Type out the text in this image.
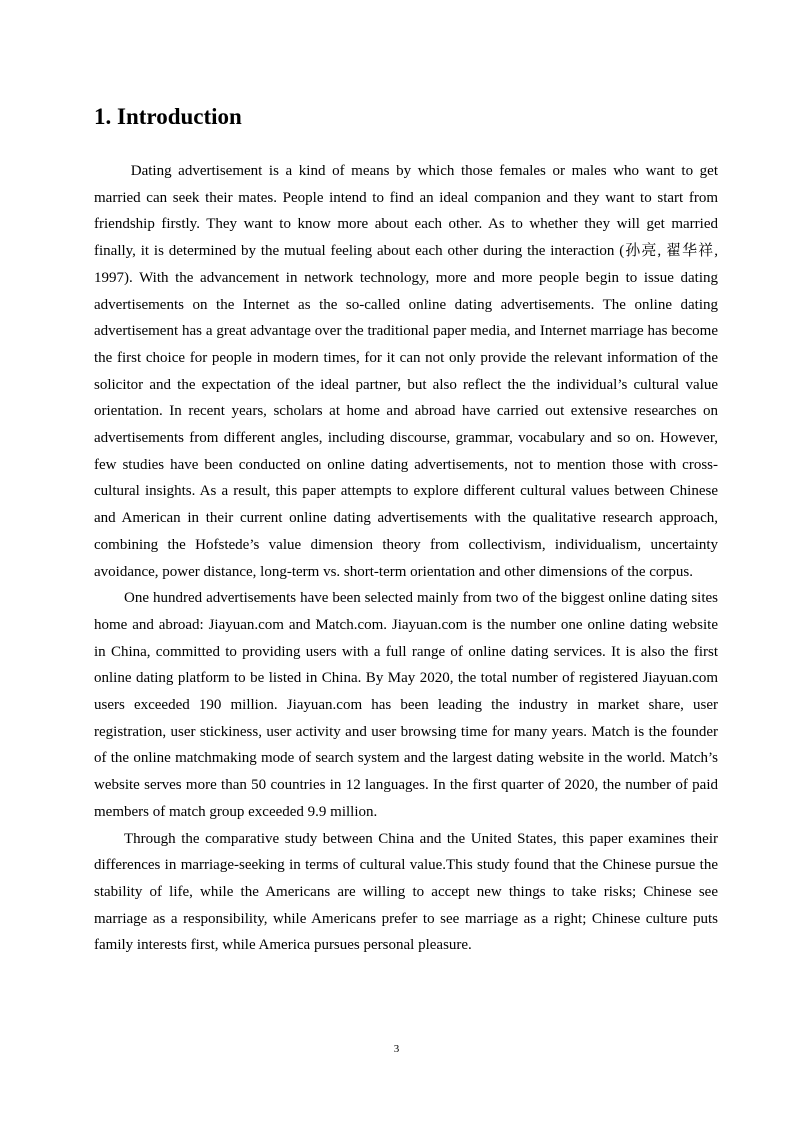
1. Introduction

Dating advertisement is a kind of means by which those females or males who want to get married can seek their mates. People intend to find an ideal companion and they want to start from friendship firstly. They want to know more about each other. As to whether they will get married finally, it is determined by the mutual feeling about each other during the interaction (孙亮, 翟华祥, 1997). With the advancement in network technology, more and more people begin to issue dating advertisements on the Internet as the so-called online dating advertisements. The online dating advertisement has a great advantage over the traditional paper media, and Internet marriage has become the first choice for people in modern times, for it can not only provide the relevant information of the solicitor and the expectation of the ideal partner, but also reflect the the individual’s cultural value orientation. In recent years, scholars at home and abroad have carried out extensive researches on advertisements from different angles, including discourse, grammar, vocabulary and so on. However, few studies have been conducted on online dating advertisements, not to mention those with cross-cultural insights. As a result, this paper attempts to explore different cultural values between Chinese and American in their current online dating advertisements with the qualitative research approach, combining the Hofstede’s value dimension theory from collectivism, individualism, uncertainty avoidance, power distance, long-term vs. short-term orientation and other dimensions of the corpus.

One hundred advertisements have been selected mainly from two of the biggest online dating sites home and abroad: Jiayuan.com and Match.com. Jiayuan.com is the number one online dating website in China, committed to providing users with a full range of online dating services. It is also the first online dating platform to be listed in China. By May 2020, the total number of registered Jiayuan.com users exceeded 190 million. Jiayuan.com has been leading the industry in market share, user registration, user stickiness, user activity and user browsing time for many years. Match is the founder of the online matchmaking mode of search system and the largest dating website in the world. Match’s website serves more than 50 countries in 12 languages. In the first quarter of 2020, the number of paid members of match group exceeded 9.9 million.

Through the comparative study between China and the United States, this paper examines their differences in marriage-seeking in terms of cultural value.This study found that the Chinese pursue the stability of life, while the Americans are willing to accept new things to take risks; Chinese see marriage as a responsibility, while Americans prefer to see marriage as a right; Chinese culture puts family interests first, while America pursues personal pleasure.

3
